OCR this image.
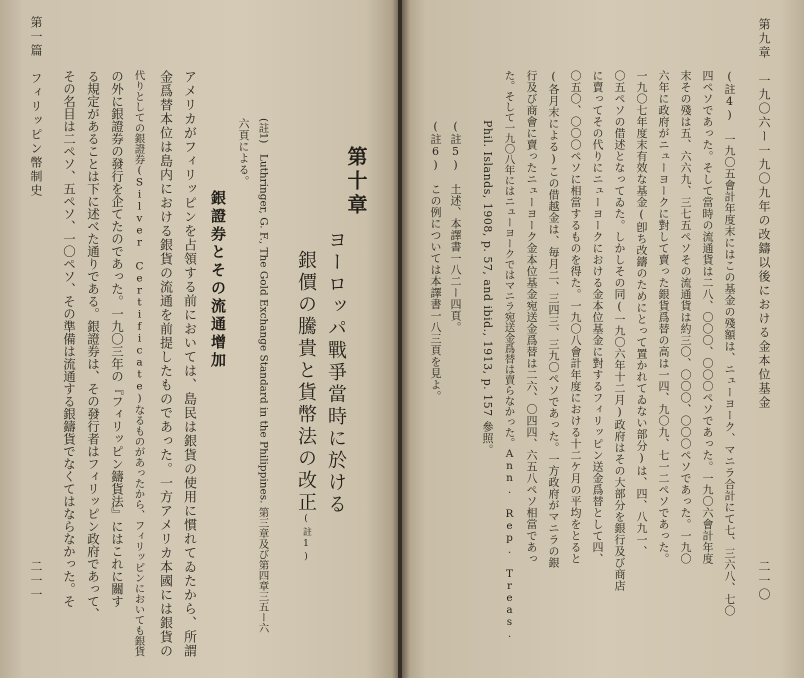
二一一
第一篇　フィリッピン幣制史 その名目は二ペソ、五ペソ、一〇ペソ、その準備は流通する銀鑄貨でなくてはならなかった。そ る規定があることは下に述べた通りである。銀證券は、その發行者はフィリッピン政府であって、 の外に銀證券の發行を企てたのであった。一九〇三年の『フィリッピン鑄貨法』にはこれに關す 代りとしての銀證券(Silver Certificate)なるものがあったから、フィリッピンにおいても銀貨 金爲替本位は島内における銀貨の流通を前提したものであった。一方アメリカ本國には銀貨の アメリカがフィリッピンを占領する前においては、島民は銀貨の使用に慣れてゐたから、所謂 銀證券とその流通增加
六頁による。 (註1)　Luthringer, G. F., The Gold Exchange Standard in the Philippines. 第三章及び第四章三五ー六 銀價の騰貴と貨幣法の改正(註1)
ヨーロッパ戰爭當時に於ける
第十章	(註6)　この例については本譯書一八三頁を見よ。 (註5)　土述、本譯書一八二ー四頁。 Phil. Islands, 1908, p. 57, and ibid., 1913, p. 157 參照。 た。そして一九〇八年にはニューヨークではマニラ宛送金爲替は賣らなかった。Ann. Rep. Treas. 行及び商會に賣ったニューヨーク金本位基金宛送金爲替は二六、〇四四、六五八ペソ相當であっ (各月末による)この借越金は、毎月二、三四三、三九〇ペソであった。一方政府がマニラの銀 〇五〇、〇〇〇ペソに相當するものを得た。一九〇八會計年度における十二ケ月の平均をとると に賣ってその代りにニューヨークにおける金本位基金に對するフィリッピン送金爲替として四、 〇五ペソの借述となってゐた。しかしその同(一九〇六年十二月)政府はその大部分を銀行及び商店 一九〇七年度末有效な基金(卽ち改鑄のためにとって置かれてゐない部分)は、四、八九一、 六年に政府がニューヨークに對して賣った銀貨爲替の高は一四、九〇九、七一二ペソであった。 末その殘は五、六六九、三七五ペソその流通貨は約三〇、〇〇〇、〇〇〇ペソであった。一九〇 四ペソであった。そして當時の流通貨は二八、〇〇〇、〇〇〇ペソであった。一九〇六會計年度 (註4)　一九〇五會計年度末にはこの基金の殘額は、ニューヨーク、マニラ合計にて七、三六八、七〇 第九章　一九〇六ー一九〇九年の改鑄以後における金本位基金
二一〇
